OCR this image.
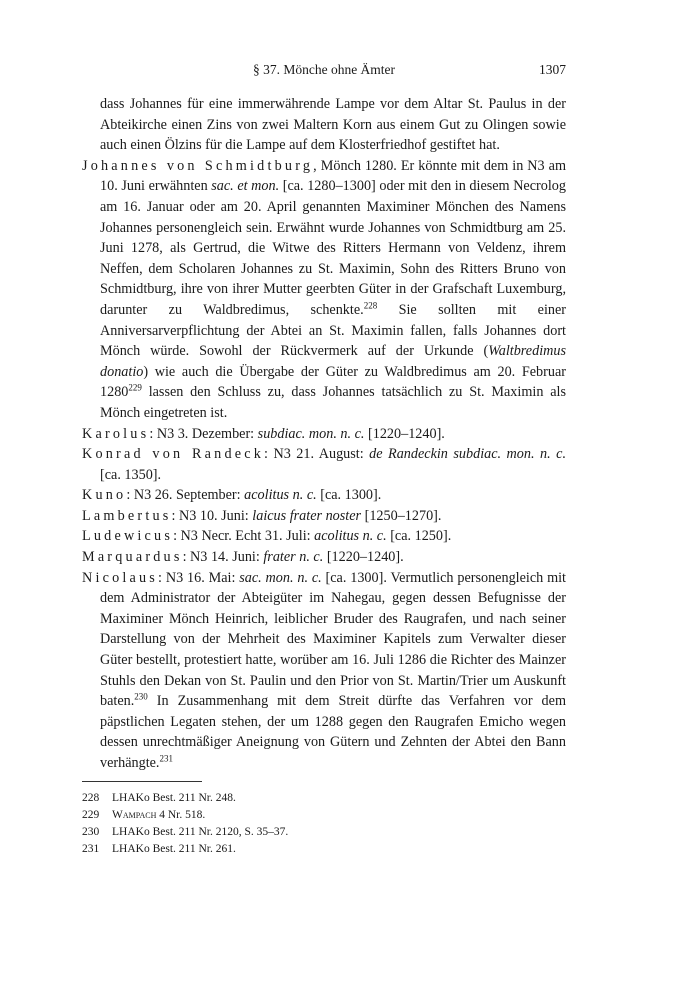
§ 37. Mönche ohne Ämter	1307

dass Johannes für eine immerwährende Lampe vor dem Altar St. Paulus in der Abteikirche einen Zins von zwei Maltern Korn aus einem Gut zu Olingen sowie auch einen Ölzins für die Lampe auf dem Klosterfriedhof gestiftet hat.

Johannes von Schmidtburg, Mönch 1280. Er könnte mit dem in N3 am 10. Juni erwähnten sac. et mon. [ca. 1280–1300] oder mit den in diesem Necrolog am 16. Januar oder am 20. April genannten Maximiner Mönchen des Namens Johannes personengleich sein. Erwähnt wurde Johannes von Schmidtburg am 25. Juni 1278, als Gertrud, die Witwe des Ritters Hermann von Veldenz, ihrem Neffen, dem Scholaren Johannes zu St. Maximin, Sohn des Ritters Bruno von Schmidtburg, ihre von ihrer Mutter geerbten Güter in der Grafschaft Luxemburg, darunter zu Waldbredimus, schenkte.$^{228}$ Sie sollten mit einer Anniversarverpflichtung der Abtei an St. Maximin fallen, falls Johannes dort Mönch würde. Sowohl der Rückvermerk auf der Urkunde (Waltbredimus donatio) wie auch die Übergabe der Güter zu Waldbredimus am 20. Februar 1280$^{229}$ lassen den Schluss zu, dass Johannes tatsächlich zu St. Maximin als Mönch eingetreten ist.

Karolus: N3 3. Dezember: subdiac. mon. n. c. [1220–1240].

Konrad von Randeck: N3 21. August: de Randeckin subdiac. mon. n. c. [ca. 1350].

Kuno: N3 26. September: acolitus n. c. [ca. 1300].

Lambertus: N3 10. Juni: laicus frater noster [1250–1270].

Ludewicus: N3 Necr. Echt 31. Juli: acolitus n. c. [ca. 1250].

Marquardus: N3 14. Juni: frater n. c. [1220–1240].

Nicolaus: N3 16. Mai: sac. mon. n. c. [ca. 1300]. Vermutlich personengleich mit dem Administrator der Abteigüter im Nahegau, gegen dessen Befugnisse der Maximiner Mönch Heinrich, leiblicher Bruder des Raugrafen, und nach seiner Darstellung von der Mehrheit des Maximiner Kapitels zum Verwalter dieser Güter bestellt, protestiert hatte, worüber am 16. Juli 1286 die Richter des Mainzer Stuhls den Dekan von St. Paulin und den Prior von St. Martin/Trier um Auskunft baten.$^{230}$ In Zusammenhang mit dem Streit dürfte das Verfahren vor dem päpstlichen Legaten stehen, der um 1288 gegen den Raugrafen Emicho wegen dessen unrechtmäßiger Aneignung von Gütern und Zehnten der Abtei den Bann verhängte.$^{231}$

228 LHAKo Best. 211 Nr. 248.
229 Wampach 4 Nr. 518.
230 LHAKo Best. 211 Nr. 2120, S. 35–37.
231 LHAKo Best. 211 Nr. 261.
